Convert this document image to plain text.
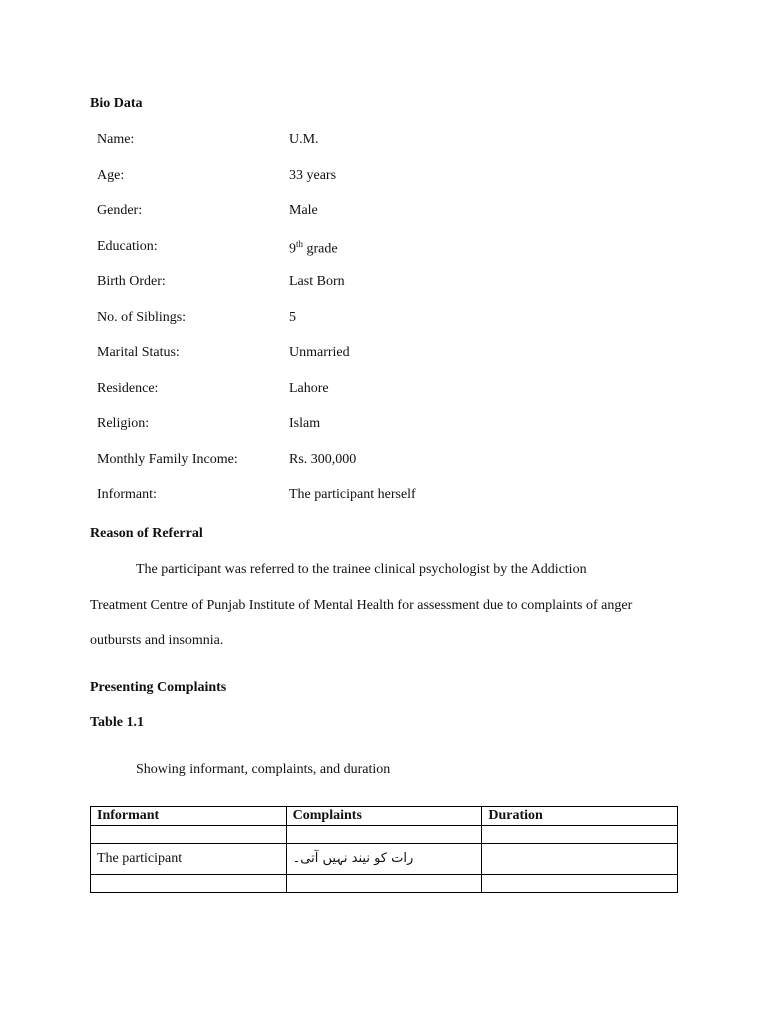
Bio Data

Name:	U.M.
Age:	33 years
Gender:	Male
Education:	9th grade
Birth Order:	Last Born
No. of Siblings:	5
Marital Status:	Unmarried
Residence:	Lahore
Religion:	Islam
Monthly Family Income:	Rs. 300,000
Informant:	The participant herself

Reason of Referral

The participant was referred to the trainee clinical psychologist by the Addiction
Treatment Centre of Punjab Institute of Mental Health for assessment due to complaints of anger
outbursts and insomnia.

Presenting Complaints

Table 1.1

Showing informant, complaints, and duration
Informant	Complaints	Duration

The participant	رات کو نیند نہیں آتی۔	
